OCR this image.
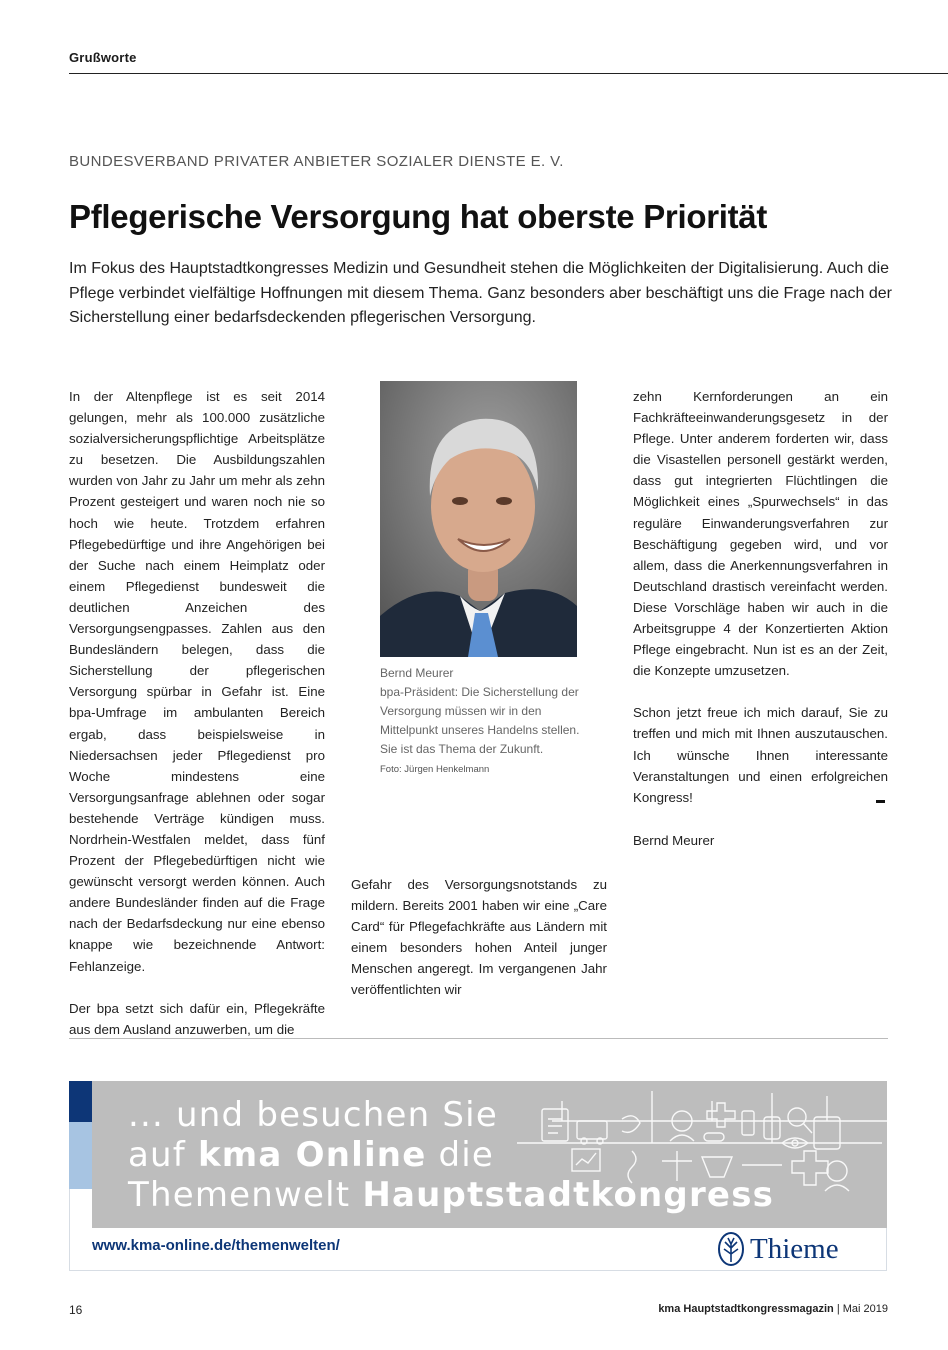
Grußworte
BUNDESVERBAND PRIVATER ANBIETER SOZIALER DIENSTE E. V.
Pflegerische Versorgung hat oberste Priorität

Im Fokus des Hauptstadtkongresses Medizin und Gesundheit stehen die Möglichkeiten der Digitalisierung. Auch die Pflege verbindet vielfältige Hoffnungen mit diesem Thema. Ganz besonders aber beschäftigt uns die Frage nach der Sicherstellung einer bedarfsdeckenden pflegerischen Versorgung.

In der Altenpflege ist es seit 2014 gelungen, mehr als 100.000 zusätzliche sozialversicherungspflichtige Arbeitsplätze zu besetzen. Die Ausbildungszahlen wurden von Jahr zu Jahr um mehr als zehn Prozent gesteigert und waren noch nie so hoch wie heute. Trotzdem erfahren Pflegebedürftige und ihre Angehörigen bei der Suche nach einem Heimplatz oder einem Pflegedienst bundesweit die deutlichen Anzeichen des Versorgungsengpasses. Zahlen aus den Bundesländern belegen, dass die Sicherstellung der pflegerischen Versorgung spürbar in Gefahr ist. Eine bpa-Umfrage im ambulanten Bereich ergab, dass beispielsweise in Niedersachsen jeder Pflegedienst pro Woche mindestens eine Versorgungsanfrage ablehnen oder sogar bestehende Verträge kündigen muss. Nordrhein-Westfalen meldet, dass fünf Prozent der Pflegebedürftigen nicht wie gewünscht versorgt werden können. Auch andere Bundesländer finden auf die Frage nach der Bedarfsdeckung nur eine ebenso knappe wie bezeichnende Antwort: Fehlanzeige.

Der bpa setzt sich dafür ein, Pflegekräfte aus dem Ausland anzuwerben, um die

Bernd Meurer

bpa-Präsident: Die Sicherstellung der Versorgung müssen wir in den Mittelpunkt unseres Handelns stellen. Sie ist das Thema der Zukunft.

Foto: Jürgen Henkelmann

Gefahr des Versorgungsnotstands zu mildern. Bereits 2001 haben wir eine „Care Card“ für Pflegefachkräfte aus Ländern mit einem besonders hohen Anteil junger Menschen angeregt. Im vergangenen Jahr veröffentlichten wir

zehn Kernforderungen an ein Fachkräfteeinwanderungsgesetz in der Pflege. Unter anderem forderten wir, dass die Visastellen personell gestärkt werden, dass gut integrierten Flüchtlingen die Möglichkeit eines „Spurwechsels“ in das reguläre Einwanderungsverfahren zur Beschäftigung gegeben wird, und vor allem, dass die Anerkennungsverfahren in Deutschland drastisch vereinfacht werden. Diese Vorschläge haben wir auch in die Arbeitsgruppe 4 der Konzertierten Aktion Pflege eingebracht. Nun ist es an der Zeit, die Konzepte umzusetzen.

Schon jetzt freue ich mich darauf, Sie zu treffen und mich mit Ihnen auszutauschen. Ich wünsche Ihnen interessante Veranstaltungen und einen erfolgreichen Kongress!

Bernd Meurer
... und besuchen Sie
auf kma Online die
Themenwelt Hauptstadtkongress
www.kma-online.de/themenwelten/	Thieme
16	kma Hauptstadtkongressmagazin | Mai 2019
